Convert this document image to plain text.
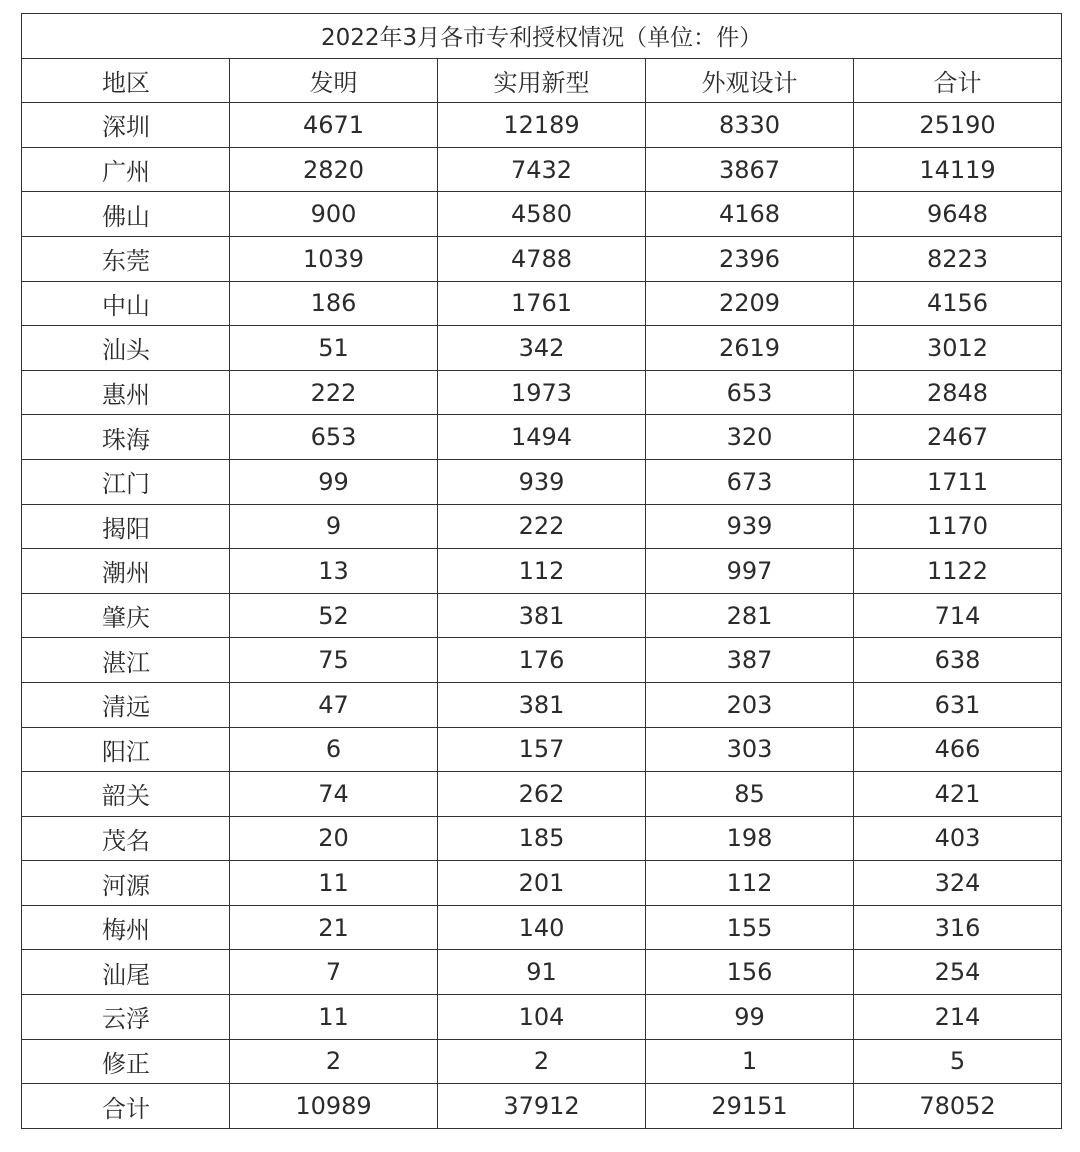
2022年3月各市专利授权情况（单位：件）				
地区	发明	实用新型	外观设计	合计
深圳	4671	12189	8330	25190
广州	2820	7432	3867	14119
佛山	900	4580	4168	9648
东莞	1039	4788	2396	8223
中山	186	1761	2209	4156
汕头	51	342	2619	3012
惠州	222	1973	653	2848
珠海	653	1494	320	2467
江门	99	939	673	1711
揭阳	9	222	939	1170
潮州	13	112	997	1122
肇庆	52	381	281	714
湛江	75	176	387	638
清远	47	381	203	631
阳江	6	157	303	466
韶关	74	262	85	421
茂名	20	185	198	403
河源	11	201	112	324
梅州	21	140	155	316
汕尾	7	91	156	254
云浮	11	104	99	214
修正	2	2	1	5
合计	10989	37912	29151	78052
